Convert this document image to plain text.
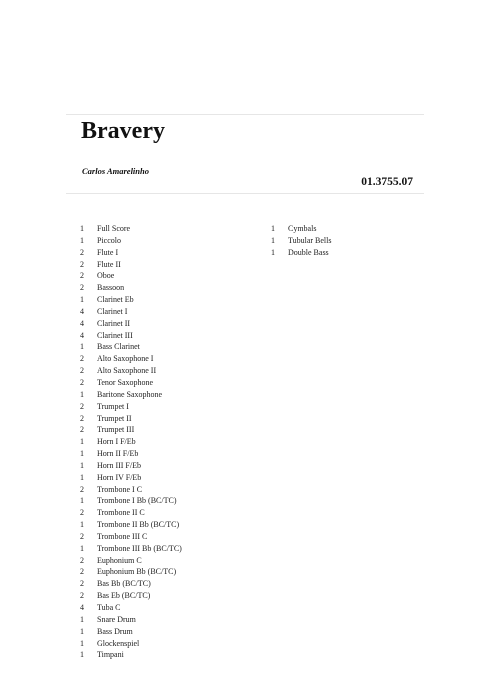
Bravery
Carlos Amarelinho
01.3755.07
1	Full Score
1	Piccolo
2	Flute I
2	Flute II
2	Oboe
2	Bassoon
1	Clarinet Eb
4	Clarinet I
4	Clarinet II
4	Clarinet III
1	Bass Clarinet
2	Alto Saxophone I
2	Alto Saxophone II
2	Tenor Saxophone
1	Baritone Saxophone
2	Trumpet I
2	Trumpet II
2	Trumpet III
1	Horn I F/Eb
1	Horn II F/Eb
1	Horn III F/Eb
1	Horn IV F/Eb
2	Trombone I C
1	Trombone I Bb (BC/TC)
2	Trombone II C
1	Trombone II Bb (BC/TC)
2	Trombone III C
1	Trombone III Bb (BC/TC)
2	Euphonium C
2	Euphonium Bb (BC/TC)
2	Bas Bb (BC/TC)
2	Bas Eb (BC/TC)
4	Tuba C
1	Snare Drum
1	Bass Drum
1	Glockenspiel
1	Timpani
1	Cymbals
1	Tubular Bells
1	Double Bass
